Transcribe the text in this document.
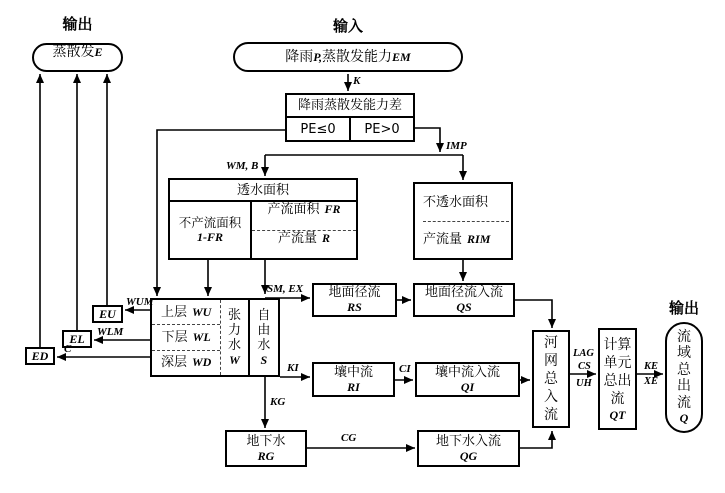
输出
蒸散发 E
输入
降雨 P, 蒸散发能力 EM
降雨蒸散发能力差
PE≤0	PE>0
透水面积
不产流面积
1-FR
产流面积 FR
产流量 R
不透水面积
产流量 RIM
上层 WU
下层 WL
深层 WD
张力水
W
自由水
S
EU
EL
ED
地面径流
RS
地面径流入流
QS
壤中流
RI
壤中流入流
QI
地下水
RG
地下水入流
QG
河网总入流
计算单元总出流
QT
输出
流域总出流
Q
K
IMP
WM, B
SM, EX
WUM
WLM
C
KI
KG
CI
CG
LAG
CS
UH
KE
XE
